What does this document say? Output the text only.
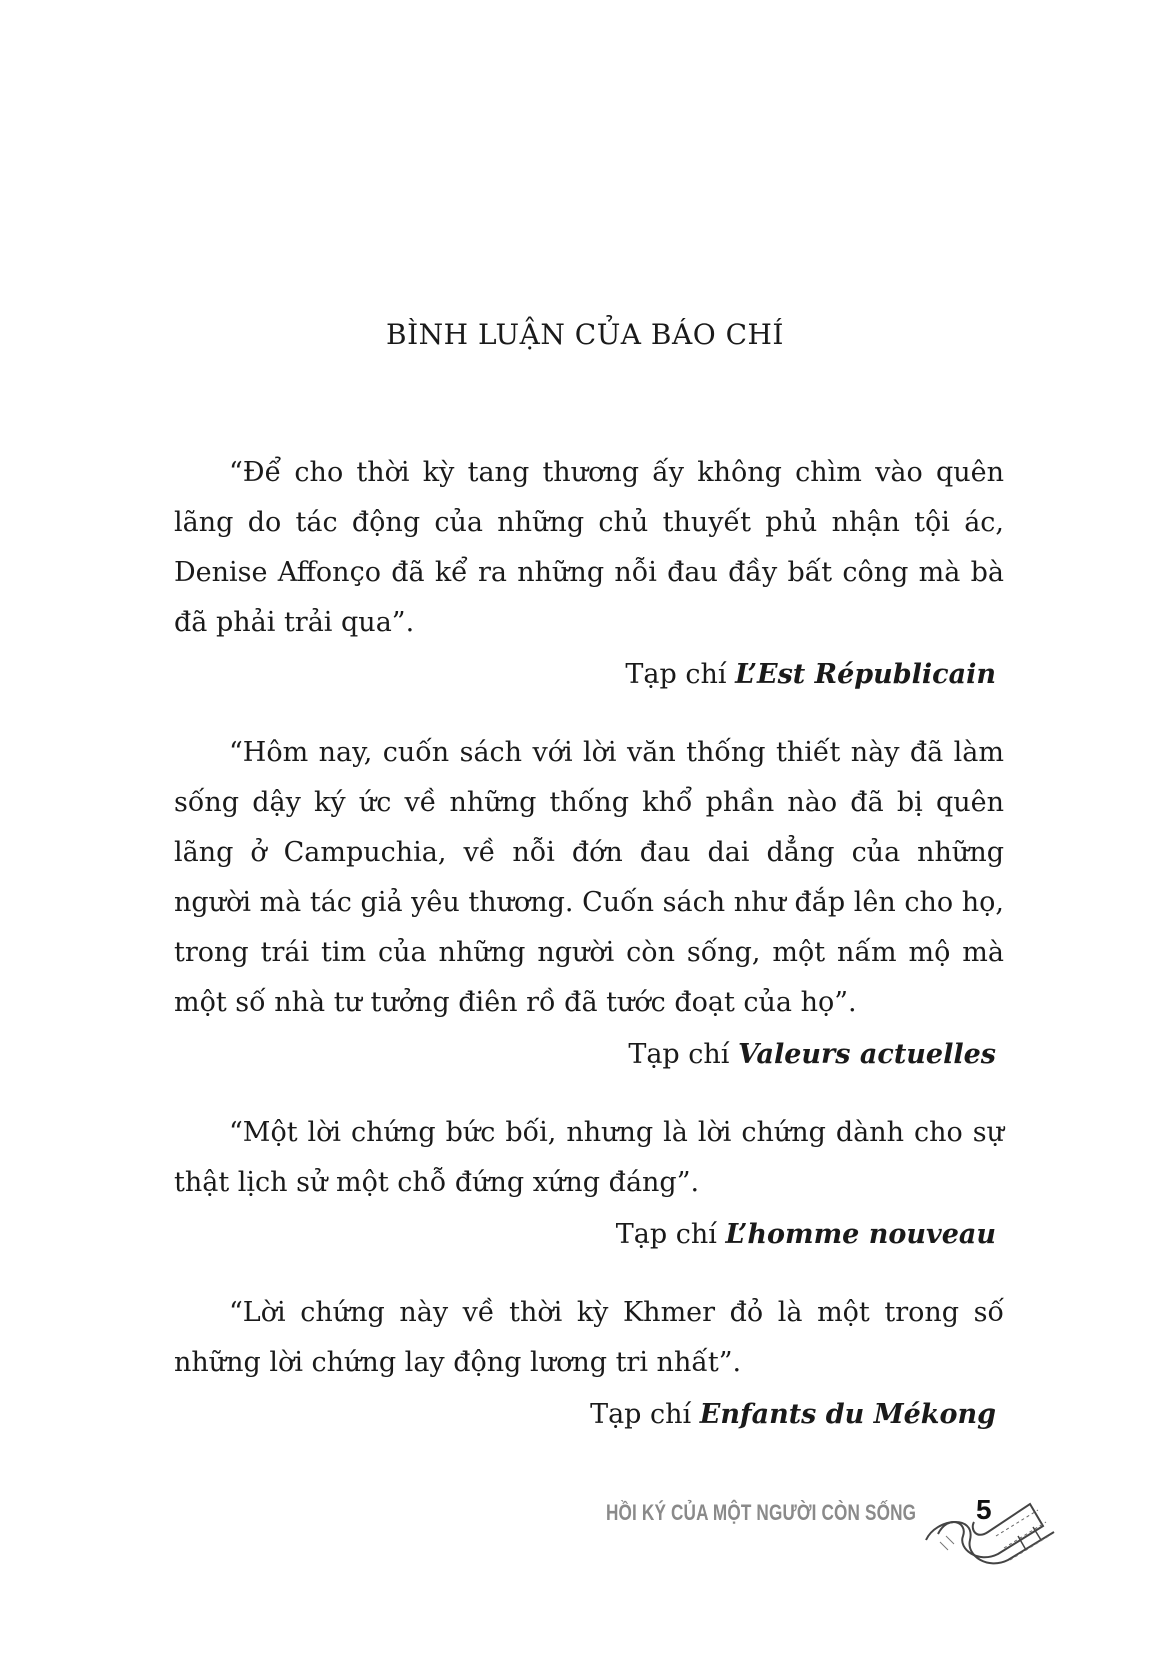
BÌNH LUẬN CỦA BÁO CHÍ

“Để cho thời kỳ tang thương ấy không chìm vào quên lãng do tác động của những chủ thuyết phủ nhận tội ác, Denise Affonço đã kể ra những nỗi đau đầy bất công mà bà đã phải trải qua”.

Tạp chí L’Est Républicain

“Hôm nay, cuốn sách với lời văn thống thiết này đã làm sống dậy ký ức về những thống khổ phần nào đã bị quên lãng ở Campuchia, về nỗi đớn đau dai dẳng của những người mà tác giả yêu thương. Cuốn sách như đắp lên cho họ, trong trái tim của những người còn sống, một nấm mộ mà một số nhà tư tưởng điên rồ đã tước đoạt của họ”.

Tạp chí Valeurs actuelles

“Một lời chứng bức bối, nhưng là lời chứng dành cho sự thật lịch sử một chỗ đứng xứng đáng”.

Tạp chí L’homme nouveau

“Lời chứng này về thời kỳ Khmer đỏ là một trong số những lời chứng lay động lương tri nhất”.

Tạp chí Enfants du Mékong

HỒI KÝ CỦA MỘT NGƯỜI CÒN SỐNG 5
